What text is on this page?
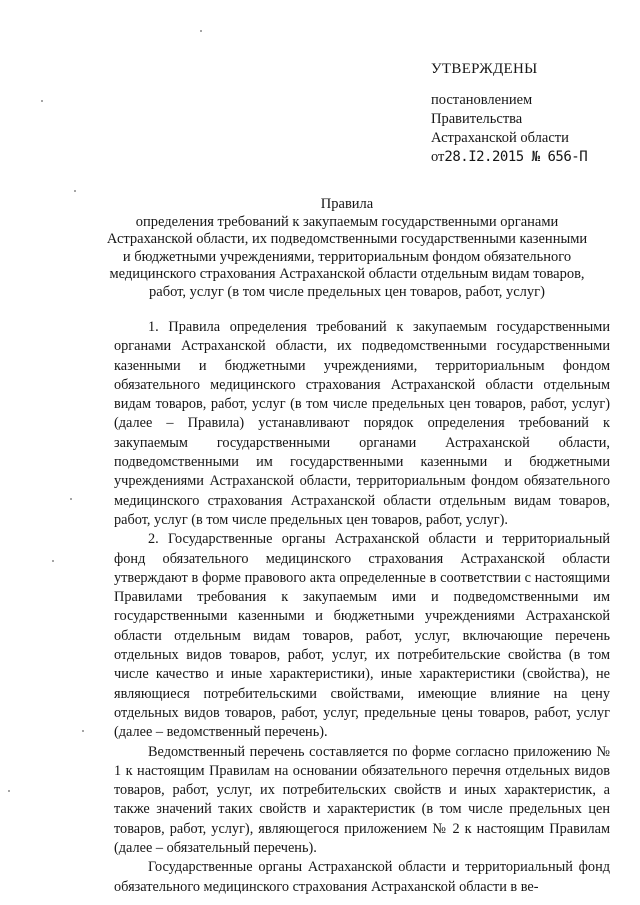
УТВЕРЖДЕНЫ
постановлением
Правительства
Астраханской области
от28.I2.2015 № 656-П
Правила
определения требований к закупаемым государственными органами Астраханской области, их подведомственными государственными казенными и бюджетными учреждениями, территориальным фондом обязательного медицинского страхования Астраханской области отдельным видам товаров, работ, услуг (в том числе предельных цен товаров, работ, услуг)

1. Правила определения требований к закупаемым государственными органами Астраханской области, их подведомственными государственными казенными и бюджетными учреждениями, территориальным фондом обязательного медицинского страхования Астраханской области отдельным видам товаров, работ, услуг (в том числе предельных цен товаров, работ, услуг) (далее – Правила) устанавливают порядок определения требований к закупаемым государственными органами Астраханской области, подведомственными им государственными казенными и бюджетными учреждениями Астраханской области, территориальным фондом обязательного медицинского страхования Астраханской области отдельным видам товаров, работ, услуг (в том числе предельных цен товаров, работ, услуг).

2. Государственные органы Астраханской области и территориальный фонд обязательного медицинского страхования Астраханской области утверждают в форме правового акта определенные в соответствии с настоящими Правилами требования к закупаемым ими и подведомственными им государственными казенными и бюджетными учреждениями Астраханской области отдельным видам товаров, работ, услуг, включающие перечень отдельных видов товаров, работ, услуг, их потребительские свойства (в том числе качество и иные характеристики), иные характеристики (свойства), не являющиеся потребительскими свойствами, имеющие влияние на цену отдельных видов товаров, работ, услуг, предельные цены товаров, работ, услуг (далее – ведомственный перечень).

Ведомственный перечень составляется по форме согласно приложению № 1 к настоящим Правилам на основании обязательного перечня отдельных видов товаров, работ, услуг, их потребительских свойств и иных характеристик, а также значений таких свойств и характеристик (в том числе предельных цен товаров, работ, услуг), являющегося приложением № 2 к настоящим Правилам (далее – обязательный перечень).

Государственные органы Астраханской области и территориальный фонд обязательного медицинского страхования Астраханской области в ве-
